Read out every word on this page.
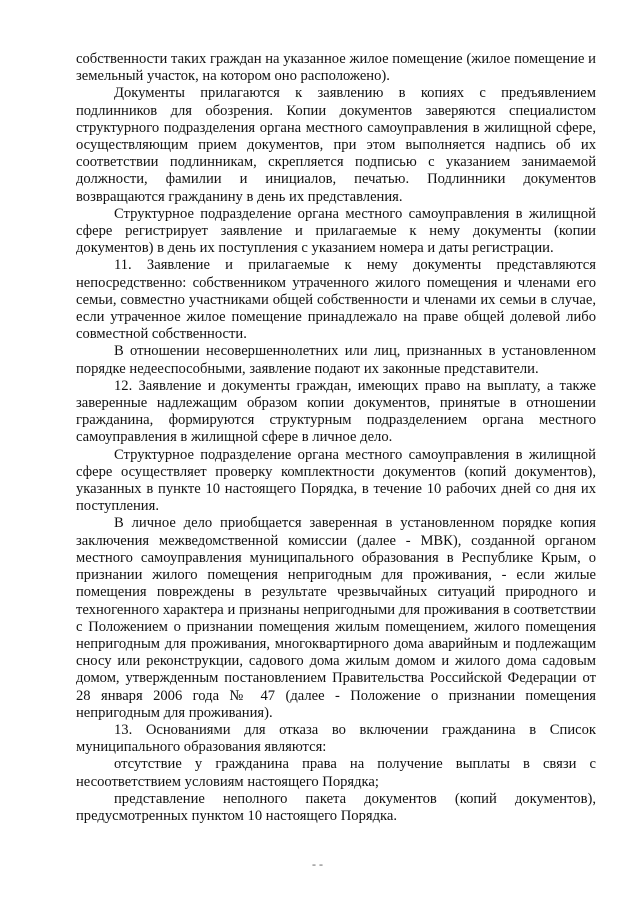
собственности таких граждан на указанное жилое помещение (жилое помещение и земельный участок, на котором оно расположено).

Документы прилагаются к заявлению в копиях с предъявлением подлинников для обозрения. Копии документов заверяются специалистом структурного подразделения органа местного самоуправления в жилищной сфере, осуществляющим прием документов, при этом выполняется надпись об их соответствии подлинникам, скрепляется подписью с указанием занимаемой должности, фамилии и инициалов, печатью. Подлинники документов возвращаются гражданину в день их представления.

Структурное подразделение органа местного самоуправления в жилищной сфере регистрирует заявление и прилагаемые к нему документы (копии документов) в день их поступления с указанием номера и даты регистрации.

11. Заявление и прилагаемые к нему документы представляются непосредственно: собственником утраченного жилого помещения и членами его семьи, совместно участниками общей собственности и членами их семьи в случае, если утраченное жилое помещение принадлежало на праве общей долевой либо совместной собственности.

В отношении несовершеннолетних или лиц, признанных в установленном порядке недееспособными, заявление подают их законные представители.

12. Заявление и документы граждан, имеющих право на выплату, а также заверенные надлежащим образом копии документов, принятые в отношении гражданина, формируются структурным подразделением органа местного самоуправления в жилищной сфере в личное дело.

Структурное подразделение органа местного самоуправления в жилищной сфере осуществляет проверку комплектности документов (копий документов), указанных в пункте 10 настоящего Порядка, в течение 10 рабочих дней со дня их поступления.

В личное дело приобщается заверенная в установленном порядке копия заключения межведомственной комиссии (далее - МВК), созданной органом местного самоуправления муниципального образования в Республике Крым, о признании жилого помещения непригодным для проживания, - если жилые помещения повреждены в результате чрезвычайных ситуаций природного и техногенного характера и признаны непригодными для проживания в соответствии с Положением о признании помещения жилым помещением, жилого помещения непригодным для проживания, многоквартирного дома аварийным и подлежащим сносу или реконструкции, садового дома жилым домом и жилого дома садовым домом, утвержденным постановлением Правительства Российской Федерации от 28 января 2006 года № 47 (далее - Положение о признании помещения непригодным для проживания).

13. Основаниями для отказа во включении гражданина в Список муниципального образования являются:

отсутствие у гражданина права на получение выплаты в связи с несоответствием условиям настоящего Порядка;

представление неполного пакета документов (копий документов), предусмотренных пунктом 10 настоящего Порядка.

- -
